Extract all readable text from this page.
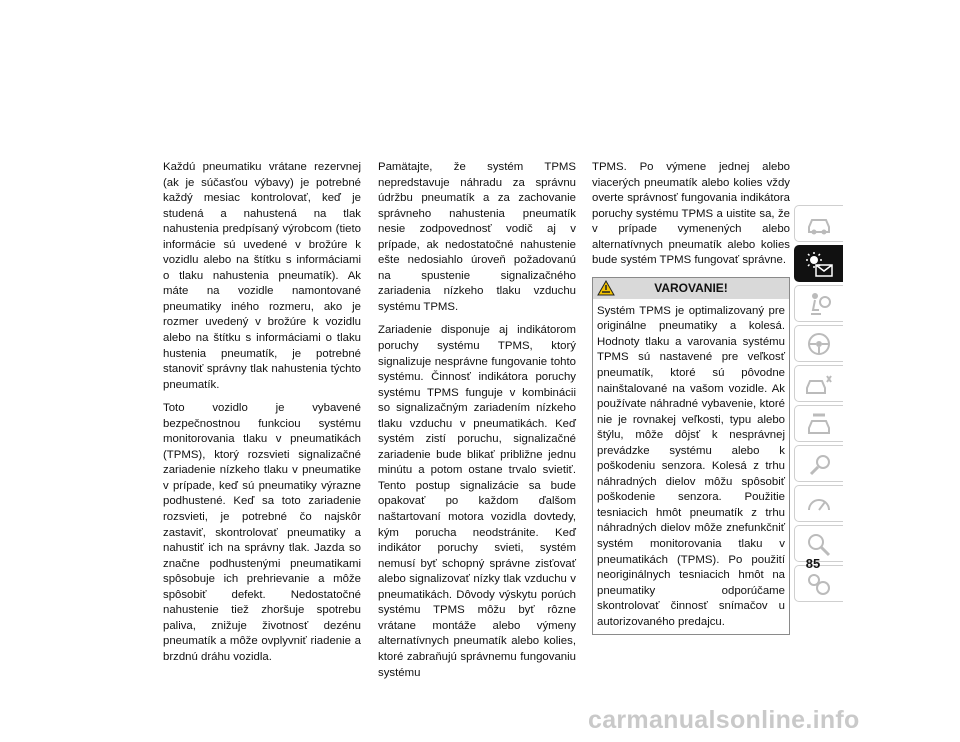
Každú pneumatiku vrátane rezervnej (ak je súčasťou výbavy) je potrebné každý mesiac kontrolovať, keď je studená a nahustená na tlak nahustenia predpísaný výrobcom (tieto informácie sú uvedené v brožúre k vozidlu alebo na štítku s informáciami o tlaku nahustenia pneumatík). Ak máte na vozidle namontované pneumatiky iného rozmeru, ako je rozmer uvedený v brožúre k vozidlu alebo na štítku s informáciami o tlaku hustenia pneumatík, je potrebné stanoviť správny tlak nahustenia týchto pneumatík.

Toto vozidlo je vybavené bezpečnostnou funkciou systému monitorovania tlaku v pneumatikách (TPMS), ktorý rozsvieti signalizačné zariadenie nízkeho tlaku v pneumatike v prípade, keď sú pneumatiky výrazne podhustené. Keď sa toto zariadenie rozsvieti, je potrebné čo najskôr zastaviť, skontrolovať pneumatiky a nahustiť ich na správny tlak. Jazda so značne podhustenými pneumatikami spôsobuje ich prehrievanie a môže spôsobiť defekt. Nedostatočné nahustenie tiež zhoršuje spotrebu paliva, znižuje životnosť dezénu pneumatík a môže ovplyvniť riadenie a brzdnú dráhu vozidla.

Pamätajte, že systém TPMS nepredstavuje náhradu za správnu údržbu pneumatík a za zachovanie správneho nahustenia pneumatík nesie zodpovednosť vodič aj v prípade, ak nedostatočné nahustenie ešte nedosiahlo úroveň požadovanú na spustenie signalizačného zariadenia nízkeho tlaku vzduchu systému TPMS.

Zariadenie disponuje aj indikátorom poruchy systému TPMS, ktorý signalizuje nesprávne fungovanie tohto systému. Činnosť indikátora poruchy systému TPMS funguje v kombinácii so signalizačným zariadením nízkeho tlaku vzduchu v pneumatikách. Keď systém zistí poruchu, signalizačné zariadenie bude blikať približne jednu minútu a potom ostane trvalo svietiť. Tento postup signalizácie sa bude opakovať po každom ďalšom naštartovaní motora vozidla dovtedy, kým porucha neodstránite. Keď indikátor poruchy svieti, systém nemusí byť schopný správne zisťovať alebo signalizovať nízky tlak vzduchu v pneumatikách. Dôvody výskytu porúch systému TPMS môžu byť rôzne vrátane montáže alebo výmeny alternatívnych pneumatík alebo kolies, ktoré zabraňujú správnemu fungovaniu systému

TPMS. Po výmene jednej alebo viacerých pneumatík alebo kolies vždy overte správnosť fungovania indikátora poruchy systému TPMS a uistite sa, že v prípade vymenených alebo alternatívnych pneumatík alebo kolies bude systém TPMS fungovať správne.

VAROVANIE!
Systém TPMS je optimalizovaný pre originálne pneumatiky a kolesá. Hodnoty tlaku a varovania systému TPMS sú nastavené pre veľkosť pneumatík, ktoré sú pôvodne nainštalované na vašom vozidle. Ak používate náhradné vybavenie, ktoré nie je rovnakej veľkosti, typu alebo štýlu, môže dôjsť k nesprávnej prevádzke systému alebo k poškodeniu senzora. Kolesá z trhu náhradných dielov môžu spôsobiť poškodenie senzora. Použitie tesniacich hmôt pneumatík z trhu náhradných dielov môže znefunkčniť systém monitorovania tlaku v pneumatikách (TPMS). Po použití neoriginálnych tesniacich hmôt na pneumatiky odporúčame skontrolovať činnosť snímačov u autorizovaného predajcu.
85
carmanualsonline.info
